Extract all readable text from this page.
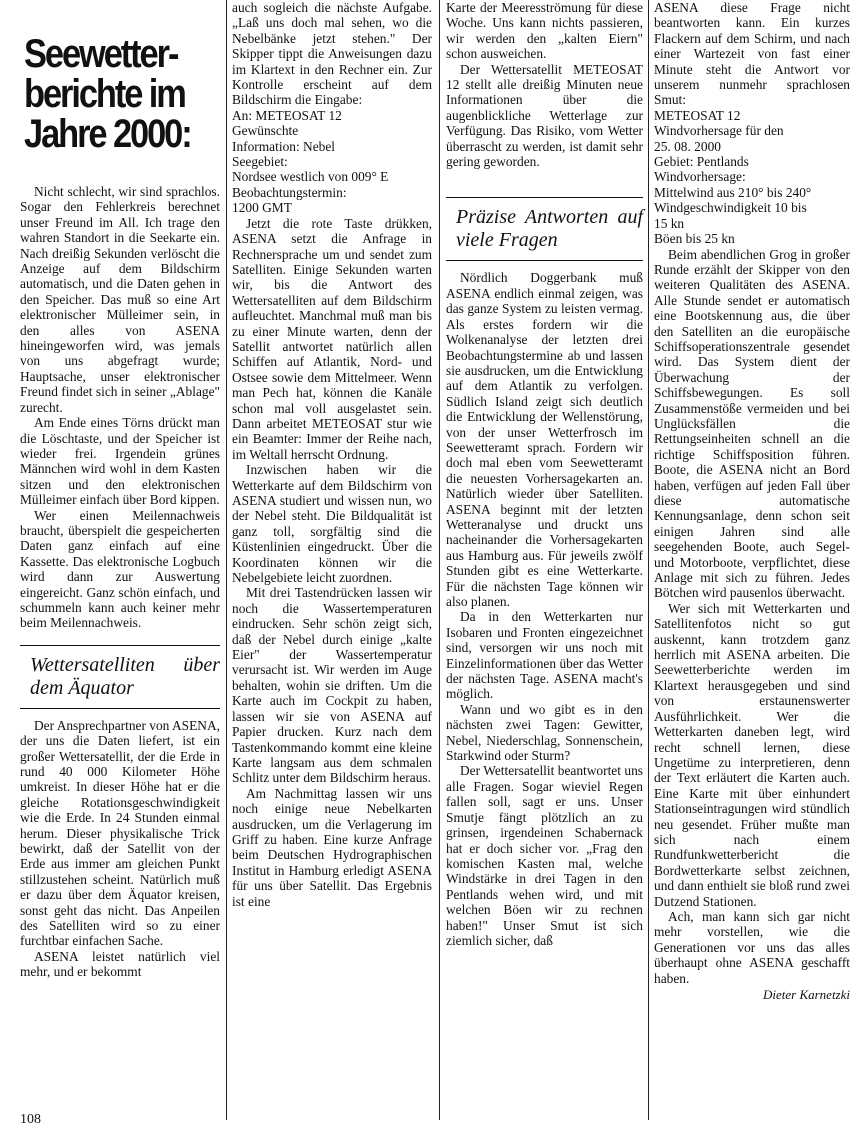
Seewetter-
berichte im
Jahre 2000:

Nicht schlecht, wir sind sprachlos. Sogar den Fehlerkreis berechnet unser Freund im All. Ich trage den wahren Standort in die Seekarte ein. Nach dreißig Sekunden verlöscht die Anzeige auf dem Bildschirm automatisch, und die Daten gehen in den Speicher. Das muß so eine Art elektronischer Mülleimer sein, in den alles von ASENA hineingeworfen wird, was jemals von uns abgefragt wurde; Hauptsache, unser elektronischer Freund findet sich in seiner „Ablage" zurecht.

Am Ende eines Törns drückt man die Löschtaste, und der Speicher ist wieder frei. Irgendein grünes Männchen wird wohl in dem Kasten sitzen und den elektronischen Mülleimer einfach über Bord kippen.

Wer einen Meilennachweis braucht, überspielt die gespeicherten Daten ganz einfach auf eine Kassette. Das elektronische Logbuch wird dann zur Auswertung eingereicht. Ganz schön einfach, und schummeln kann auch keiner mehr beim Meilennachweis.

Wettersatelliten über dem Äquator

Der Ansprechpartner von ASENA, der uns die Daten liefert, ist ein großer Wettersatellit, der die Erde in rund 40 000 Kilometer Höhe umkreist. In dieser Höhe hat er die gleiche Rotationsgeschwindigkeit wie die Erde. In 24 Stunden einmal herum. Dieser physikalische Trick bewirkt, daß der Satellit von der Erde aus immer am gleichen Punkt stillzustehen scheint. Natürlich muß er dazu über dem Äquator kreisen, sonst geht das nicht. Das Anpeilen des Satelliten wird so zu einer furchtbar einfachen Sache.

ASENA leistet natürlich viel mehr, und er bekommt

auch sogleich die nächste Aufgabe. „Laß uns doch mal sehen, wo die Nebelbänke jetzt stehen." Der Skipper tippt die Anweisungen dazu im Klartext in den Rechner ein. Zur Kontrolle erscheint auf dem Bildschirm die Eingabe:

An: METEOSAT 12

Gewünschte

Information: Nebel

Seegebiet:

Nordsee westlich von 009° E

Beobachtungstermin:

1200 GMT

Jetzt die rote Taste drükken, ASENA setzt die Anfrage in Rechnersprache um und sendet zum Satelliten. Einige Sekunden warten wir, bis die Antwort des Wettersatelliten auf dem Bildschirm aufleuchtet. Manchmal muß man bis zu einer Minute warten, denn der Satellit antwortet natürlich allen Schiffen auf Atlantik, Nord- und Ostsee sowie dem Mittelmeer. Wenn man Pech hat, können die Kanäle schon mal voll ausgelastet sein. Dann arbeitet METEOSAT stur wie ein Beamter: Immer der Reihe nach, im Weltall herrscht Ordnung.

Inzwischen haben wir die Wetterkarte auf dem Bildschirm von ASENA studiert und wissen nun, wo der Nebel steht. Die Bildqualität ist ganz toll, sorgfältig sind die Küstenlinien eingedruckt. Über die Koordinaten können wir die Nebelgebiete leicht zuordnen.

Mit drei Tastendrücken lassen wir noch die Wassertemperaturen eindrucken. Sehr schön zeigt sich, daß der Nebel durch einige „kalte Eier" der Wassertemperatur verursacht ist. Wir werden im Auge behalten, wohin sie driften. Um die Karte auch im Cockpit zu haben, lassen wir sie von ASENA auf Papier drucken. Kurz nach dem Tastenkommando kommt eine kleine Karte langsam aus dem schmalen Schlitz unter dem Bildschirm heraus.

Am Nachmittag lassen wir uns noch einige neue Nebelkarten ausdrucken, um die Verlagerung im Griff zu haben. Eine kurze Anfrage beim Deutschen Hydrographischen Institut in Hamburg erledigt ASENA für uns über Satellit. Das Ergebnis ist eine

Karte der Meeresströmung für diese Woche. Uns kann nichts passieren, wir werden den „kalten Eiern" schon ausweichen.

Der Wettersatellit METEOSAT 12 stellt alle dreißig Minuten neue Informationen über die augenblickliche Wetterlage zur Verfügung. Das Risiko, vom Wetter überrascht zu werden, ist damit sehr gering geworden.

Präzise Antworten auf viele Fragen

Nördlich Doggerbank muß ASENA endlich einmal zeigen, was das ganze System zu leisten vermag. Als erstes fordern wir die Wolkenanalyse der letzten drei Beobachtungstermine ab und lassen sie ausdrucken, um die Entwicklung auf dem Atlantik zu verfolgen. Südlich Island zeigt sich deutlich die Entwicklung der Wellenstörung, von der unser Wetterfrosch im Seewetteramt sprach. Fordern wir doch mal eben vom Seewetteramt die neuesten Vorhersagekarten an. Natürlich wieder über Satelliten. ASENA beginnt mit der letzten Wetteranalyse und druckt uns nacheinander die Vorhersagekarten aus Hamburg aus. Für jeweils zwölf Stunden gibt es eine Wetterkarte. Für die nächsten Tage können wir also planen.

Da in den Wetterkarten nur Isobaren und Fronten eingezeichnet sind, versorgen wir uns noch mit Einzelinformationen über das Wetter der nächsten Tage. ASENA macht's möglich.

Wann und wo gibt es in den nächsten zwei Tagen: Gewitter, Nebel, Niederschlag, Sonnenschein, Starkwind oder Sturm?

Der Wettersatellit beantwortet uns alle Fragen. Sogar wieviel Regen fallen soll, sagt er uns. Unser Smutje fängt plötzlich an zu grinsen, irgendeinen Schabernack hat er doch sicher vor. „Frag den komischen Kasten mal, welche Windstärke in drei Tagen in den Pentlands wehen wird, und mit welchen Böen wir zu rechnen haben!" Unser Smut ist sich ziemlich sicher, daß

ASENA diese Frage nicht beantworten kann. Ein kurzes Flackern auf dem Schirm, und nach einer Wartezeit von fast einer Minute steht die Antwort vor unserem nunmehr sprachlosen Smut:

METEOSAT 12

Windvorhersage für den

25. 08. 2000

Gebiet: Pentlands

Windvorhersage:

Mittelwind aus 210° bis 240°

Windgeschwindigkeit 10 bis

15 kn

Böen bis 25 kn

Beim abendlichen Grog in großer Runde erzählt der Skipper von den weiteren Qualitäten des ASENA. Alle Stunde sendet er automatisch eine Bootskennung aus, die über den Satelliten an die europäische Schiffsoperationszentrale gesendet wird. Das System dient der Überwachung der Schiffsbewegungen. Es soll Zusammenstöße vermeiden und bei Unglücksfällen die Rettungseinheiten schnell an die richtige Schiffsposition führen. Boote, die ASENA nicht an Bord haben, verfügen auf jeden Fall über diese automatische Kennungsanlage, denn schon seit einigen Jahren sind alle seegehenden Boote, auch Segel- und Motorboote, verpflichtet, diese Anlage mit sich zu führen. Jedes Bötchen wird pausenlos überwacht.

Wer sich mit Wetterkarten und Satellitenfotos nicht so gut auskennt, kann trotzdem ganz herrlich mit ASENA arbeiten. Die Seewetterberichte werden im Klartext herausgegeben und sind von erstaunenswerter Ausführlichkeit. Wer die Wetterkarten daneben legt, wird recht schnell lernen, diese Ungetüme zu interpretieren, denn der Text erläutert die Karten auch. Eine Karte mit über einhundert Stationseintragungen wird stündlich neu gesendet. Früher mußte man sich nach einem Rundfunkwetterbericht die Bordwetterkarte selbst zeichnen, und dann enthielt sie bloß rund zwei Dutzend Stationen.

Ach, man kann sich gar nicht mehr vorstellen, wie die Generationen vor uns das alles überhaupt ohne ASENA geschafft haben.

Dieter Karnetzki
108
